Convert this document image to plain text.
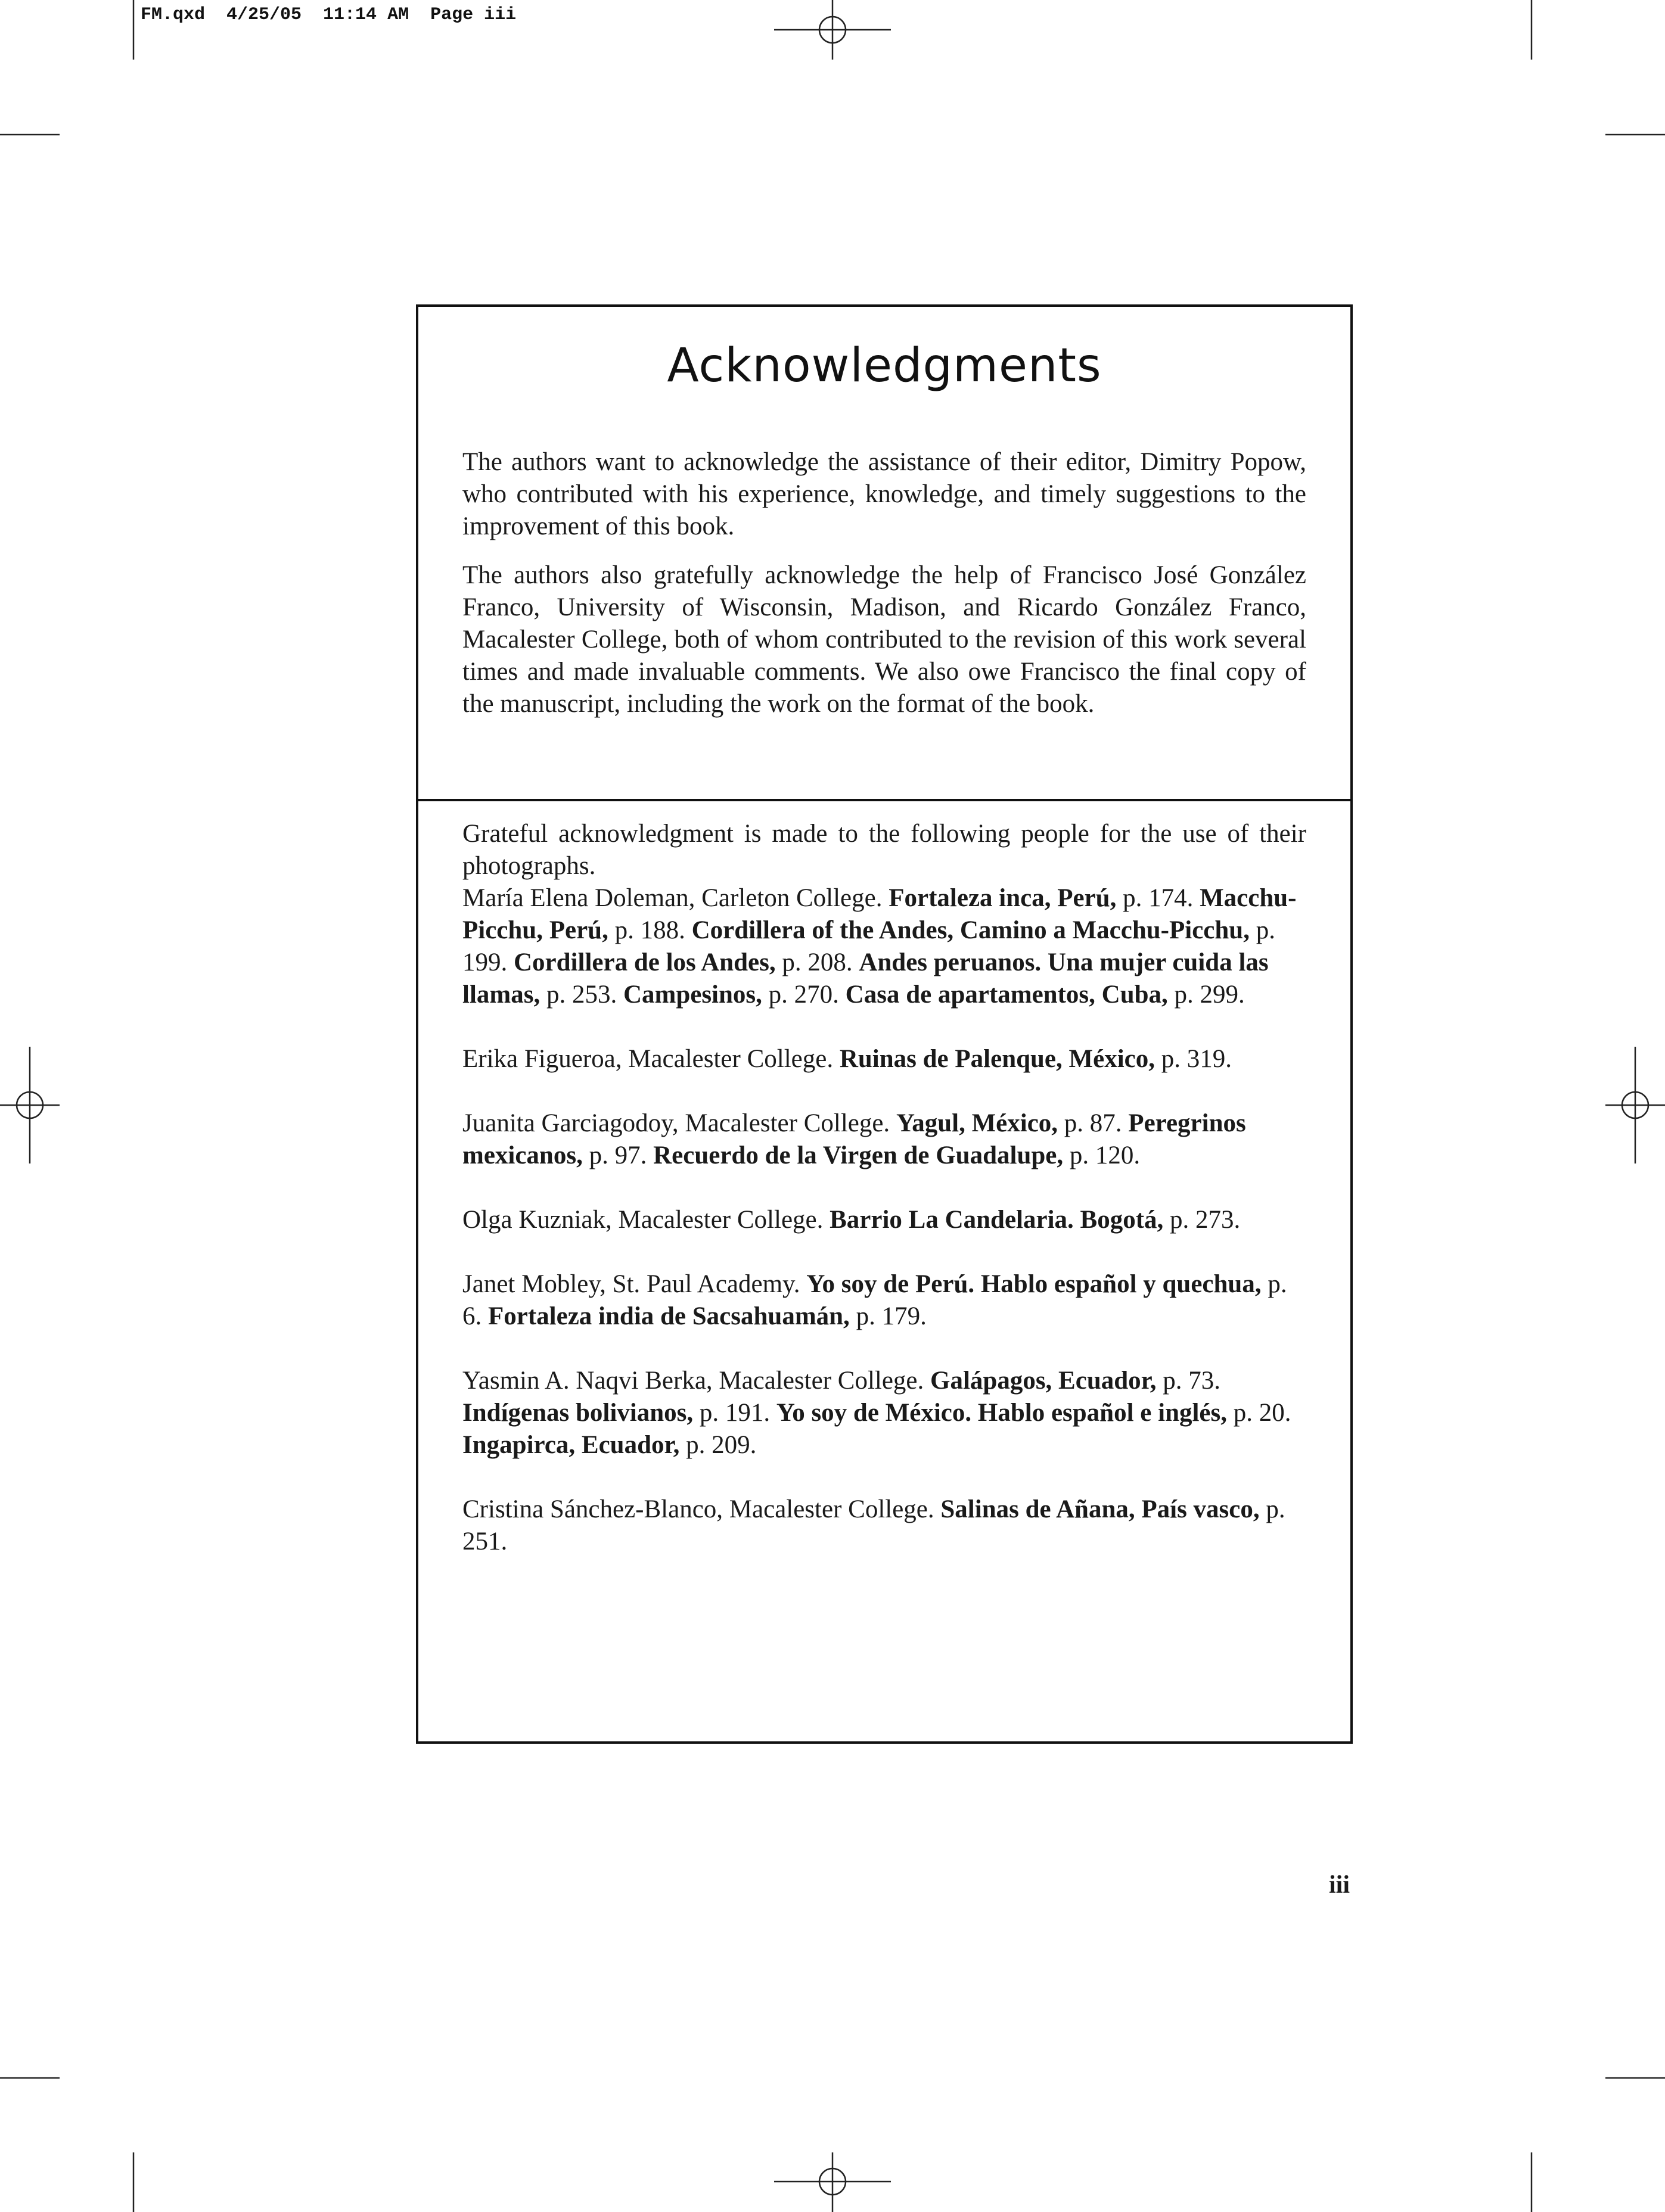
FM.qxd  4/25/05  11:14 AM  Page iii
Acknowledgments

The authors want to acknowledge the assistance of their editor, Dimitry Popow, who contributed with his experience, knowledge, and timely suggestions to the improvement of this book.

The authors also gratefully acknowledge the help of Francisco José González Franco, University of Wisconsin, Madison, and Ricardo González Franco, Macalester College, both of whom contributed to the revision of this work several times and made invaluable comments. We also owe Francisco the final copy of the manuscript, including the work on the format of the book.

Grateful acknowledgment is made to the following people for the use of their photographs.

María Elena Doleman, Carleton College. Fortaleza inca, Perú, p. 174. Macchu-Picchu, Perú, p. 188. Cordillera of the Andes, Camino a Macchu-Picchu, p. 199. Cordillera de los Andes, p. 208. Andes peruanos. Una mujer cuida las llamas, p. 253. Campesinos, p. 270. Casa de apartamentos, Cuba, p. 299.

Erika Figueroa, Macalester College. Ruinas de Palenque, México, p. 319.

Juanita Garciagodoy, Macalester College. Yagul, México, p. 87. Peregrinos mexicanos, p. 97. Recuerdo de la Virgen de Guadalupe, p. 120.

Olga Kuzniak, Macalester College. Barrio La Candelaria. Bogotá, p. 273.

Janet Mobley, St. Paul Academy. Yo soy de Perú. Hablo español y quechua, p. 6. Fortaleza india de Sacsahuamán, p. 179.

Yasmin A. Naqvi Berka, Macalester College. Galápagos, Ecuador, p. 73. Indígenas bolivianos, p. 191. Yo soy de México. Hablo español e inglés, p. 20. Ingapirca, Ecuador, p. 209.

Cristina Sánchez-Blanco, Macalester College. Salinas de Añana, País vasco, p. 251.

iii
